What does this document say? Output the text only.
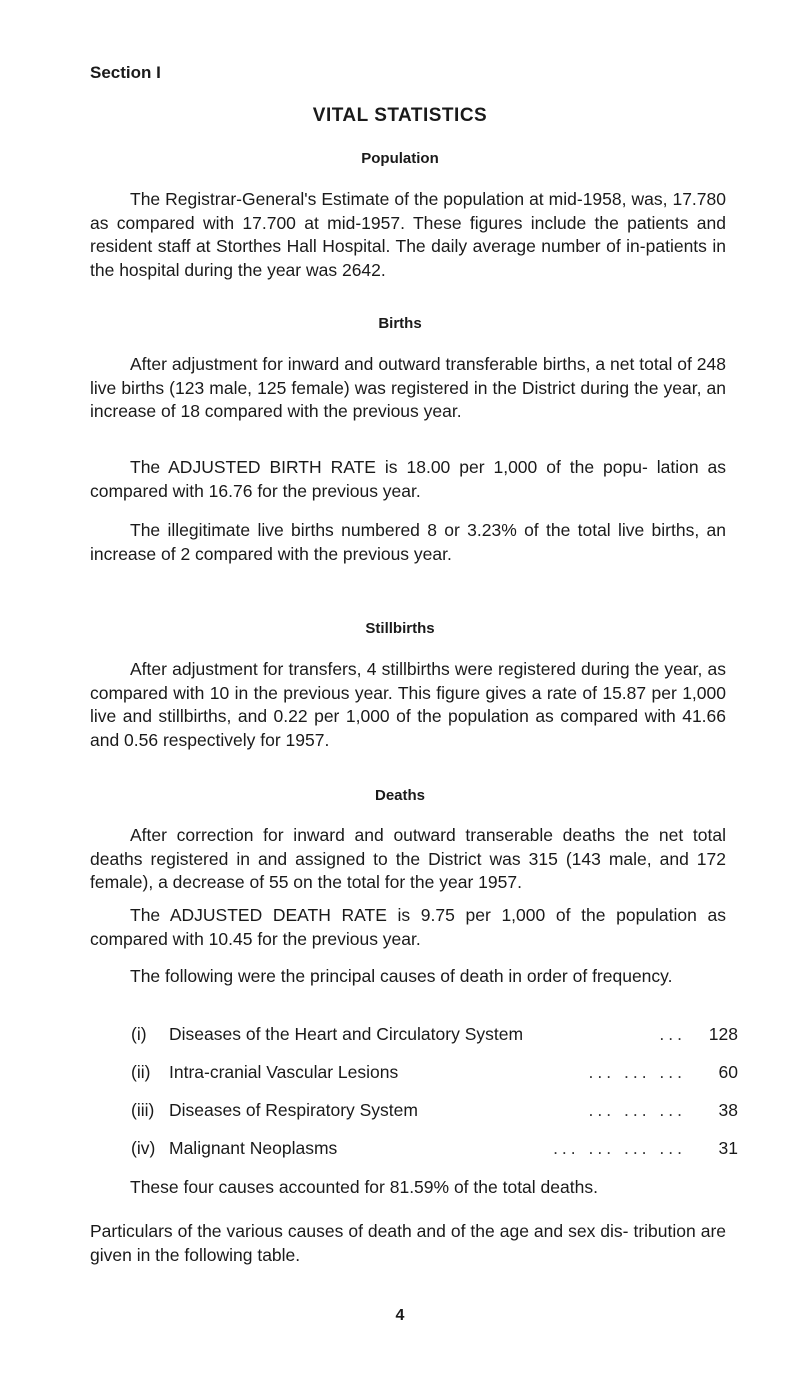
Section I
VITAL STATISTICS
Population

The Registrar-General's Estimate of the population at mid-1958, was, 17.780 as compared with 17.700 at mid-1957. These figures include the patients and resident staff at Storthes Hall Hospital. The daily average number of in-patients in the hospital during the year was 2642.

Births

After adjustment for inward and outward transferable births, a net total of 248 live births (123 male, 125 female) was registered in the District during the year, an increase of 18 compared with the previous year.

The ADJUSTED BIRTH RATE is 18.00 per 1,000 of the popu- lation as compared with 16.76 for the previous year.

The illegitimate live births numbered 8 or 3.23% of the total live births, an increase of 2 compared with the previous year.

Stillbirths

After adjustment for transfers, 4 stillbirths were registered during the year, as compared with 10 in the previous year. This figure gives a rate of 15.87 per 1,000 live and stillbirths, and 0.22 per 1,000 of the population as compared with 41.66 and 0.56 respectively for 1957.

Deaths

After correction for inward and outward transerable deaths the net total deaths registered in and assigned to the District was 315 (143 male, and 172 female), a decrease of 55 on the total for the year 1957.

The ADJUSTED DEATH RATE is 9.75 per 1,000 of the population as compared with 10.45 for the previous year.

The following were the principal causes of death in order of frequency.

(i)	Diseases of the Heart and Circulatory System	...	128
(ii)	Intra-cranial Vascular Lesions	... ... ...	60
(iii) Diseases of Respiratory System	... ... ...	38
(iv) Malignant Neoplasms	... ... ... ...	31

These four causes accounted for 81.59% of the total deaths.

Particulars of the various causes of death and of the age and sex dis- tribution are given in the following table.

4
